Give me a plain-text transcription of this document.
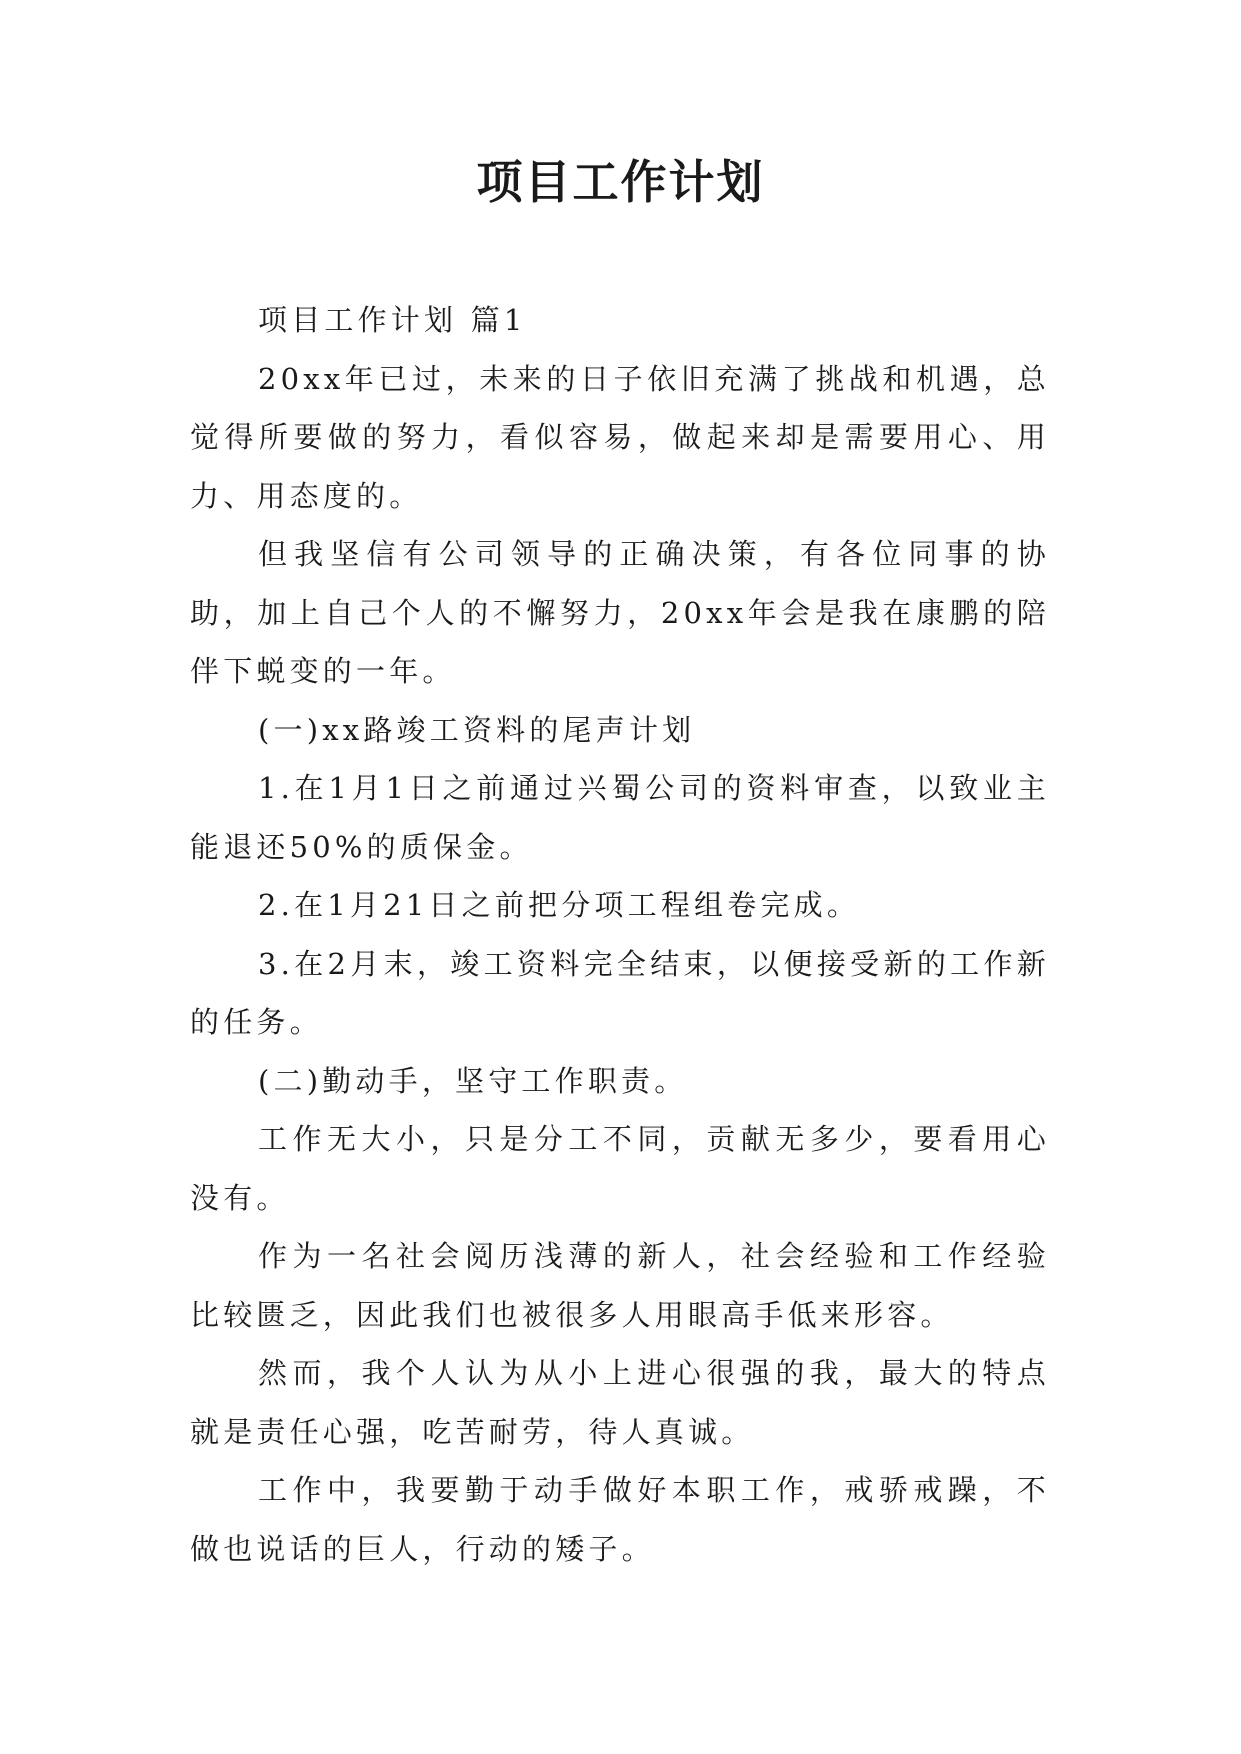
项目工作计划

项目工作计划 篇1

20xx年已过，未来的日子依旧充满了挑战和机遇，总觉得所要做的努力，看似容易，做起来却是需要用心、用力、用态度的。

但我坚信有公司领导的正确决策，有各位同事的协助，加上自己个人的不懈努力，20xx年会是我在康鹏的陪伴下蜕变的一年。

(一)xx路竣工资料的尾声计划

1.在1月1日之前通过兴蜀公司的资料审查，以致业主能退还50%的质保金。

2.在1月21日之前把分项工程组卷完成。

3.在2月末，竣工资料完全结束，以便接受新的工作新的任务。

(二)勤动手，坚守工作职责。

工作无大小，只是分工不同，贡献无多少，要看用心没有。

作为一名社会阅历浅薄的新人，社会经验和工作经验比较匮乏，因此我们也被很多人用眼高手低来形容。

然而，我个人认为从小上进心很强的我，最大的特点就是责任心强，吃苦耐劳，待人真诚。

工作中，我要勤于动手做好本职工作，戒骄戒躁，不做也说话的巨人，行动的矮子。
